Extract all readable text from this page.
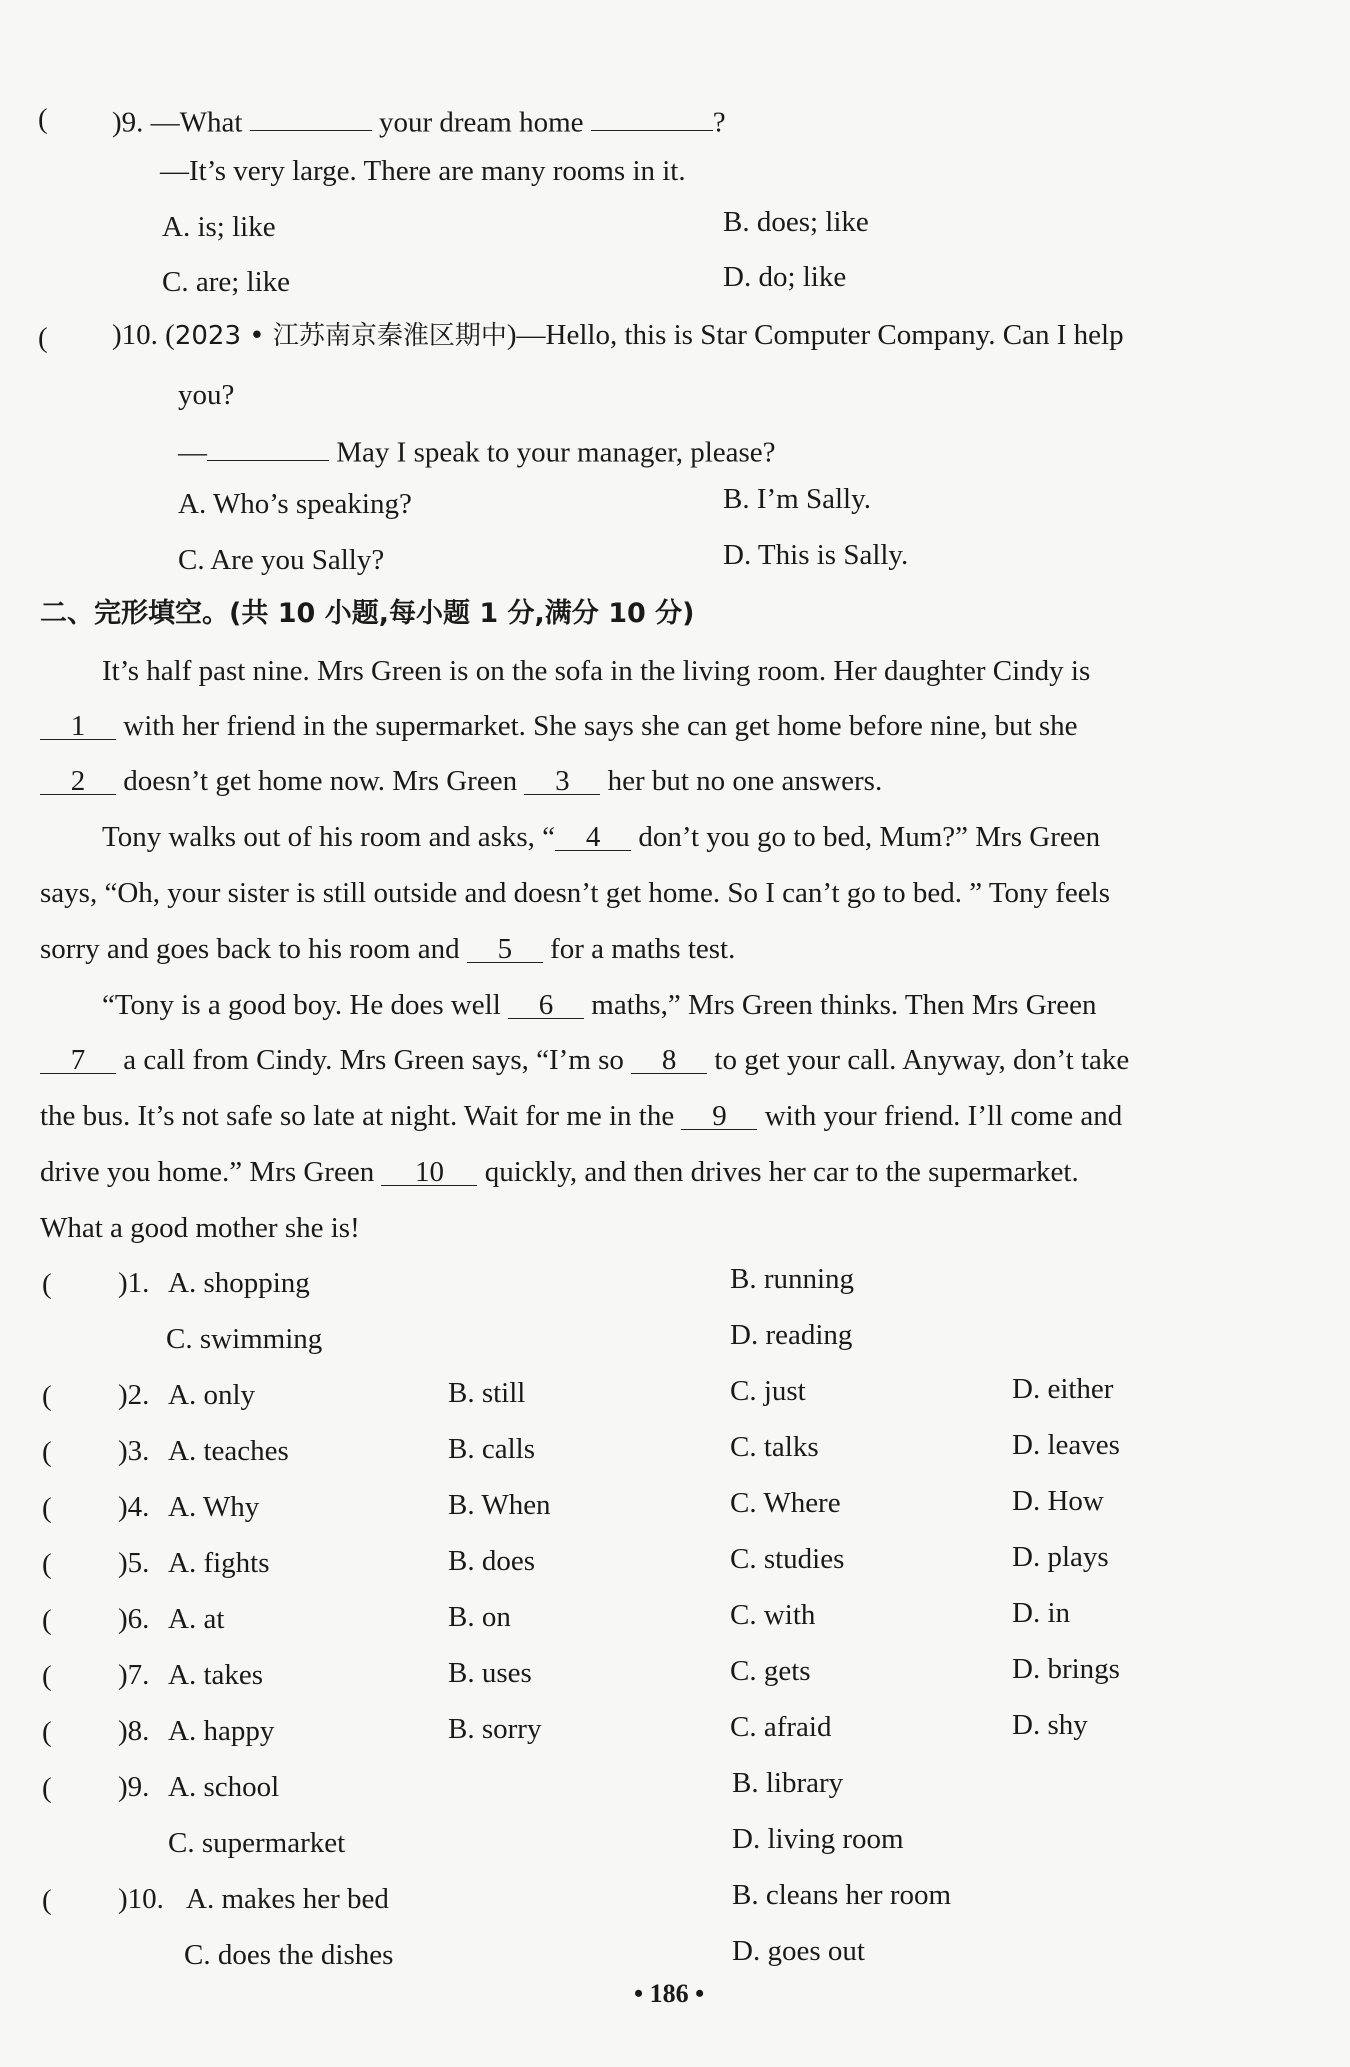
( )9. —What	your dream home	?
—It’s very large. There are many rooms in it.
A. is; like	B. does; like
C. are; like	D. do; like
( )10. (2023 • 江苏南京秦淮区期中)—Hello, this is Star Computer Company. Can I help
you?
—	May I speak to your manager, please?
A. Who’s speaking?	B. I’m Sally.
C. Are you Sally?	D. This is Sally.
二、完形填空。(共 10 小题,每小题 1 分,满分 10 分)
It’s half past nine. Mrs Green is on the sofa in the living room. Her daughter Cindy is
1 with her friend in the supermarket. She says she can get home before nine, but she
2 doesn’t get home now. Mrs Green 3 her but no one answers.
Tony walks out of his room and asks, “ 4 don’t you go to bed, Mum?” Mrs Green
says, “Oh, your sister is still outside and doesn’t get home. So I can’t go to bed. ” Tony feels
sorry and goes back to his room and 5 for a maths test.
“Tony is a good boy. He does well 6 maths,” Mrs Green thinks. Then Mrs Green
7 a call from Cindy. Mrs Green says, “I’m so 8 to get your call. Anyway, don’t take
the bus. It’s not safe so late at night. Wait for me in the 9 with your friend. I’ll come and
drive you home.” Mrs Green 10 quickly, and then drives her car to the supermarket.
What a good mother she is!
( )1. A. shopping	B. running
C. swimming	D. reading
( )2. A. only	B. still	C. just	D. either
( )3. A. teaches	B. calls	C. talks	D. leaves
( )4. A. Why	B. When	C. Where	D. How
( )5. A. fights	B. does	C. studies	D. plays
( )6. A. at	B. on	C. with	D. in
( )7. A. takes	B. uses	C. gets	D. brings
( )8. A. happy	B. sorry	C. afraid	D. shy
( )9. A. school	B. library
C. supermarket	D. living room
( )10. A. makes her bed	B. cleans her room
C. does the dishes	D. goes out
• 186 •
